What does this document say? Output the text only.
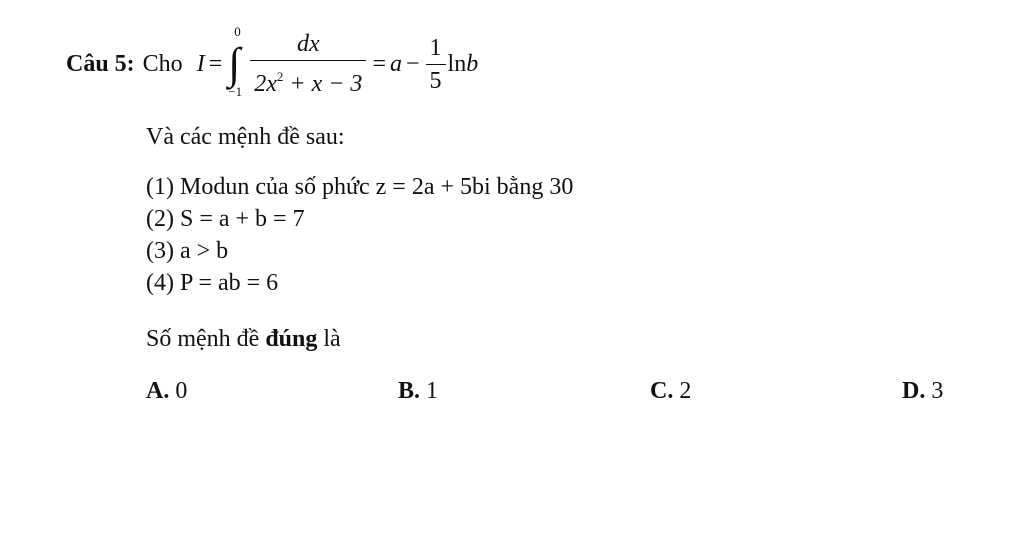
Câu 5: Cho I =
0
∫
$-1 \frac{dx}{2x^2 + x - 3} = a - \frac{1}{5}$ ln b
Và các mệnh đề sau:
(1) Modun của số phức z = 2a + 5bi bằng 30
(2) S = a + b = 7
(3) a > b
(4) P = ab = 6
Số mệnh đề đúng là
A. 0	B. 1	C. 2	D. 3
